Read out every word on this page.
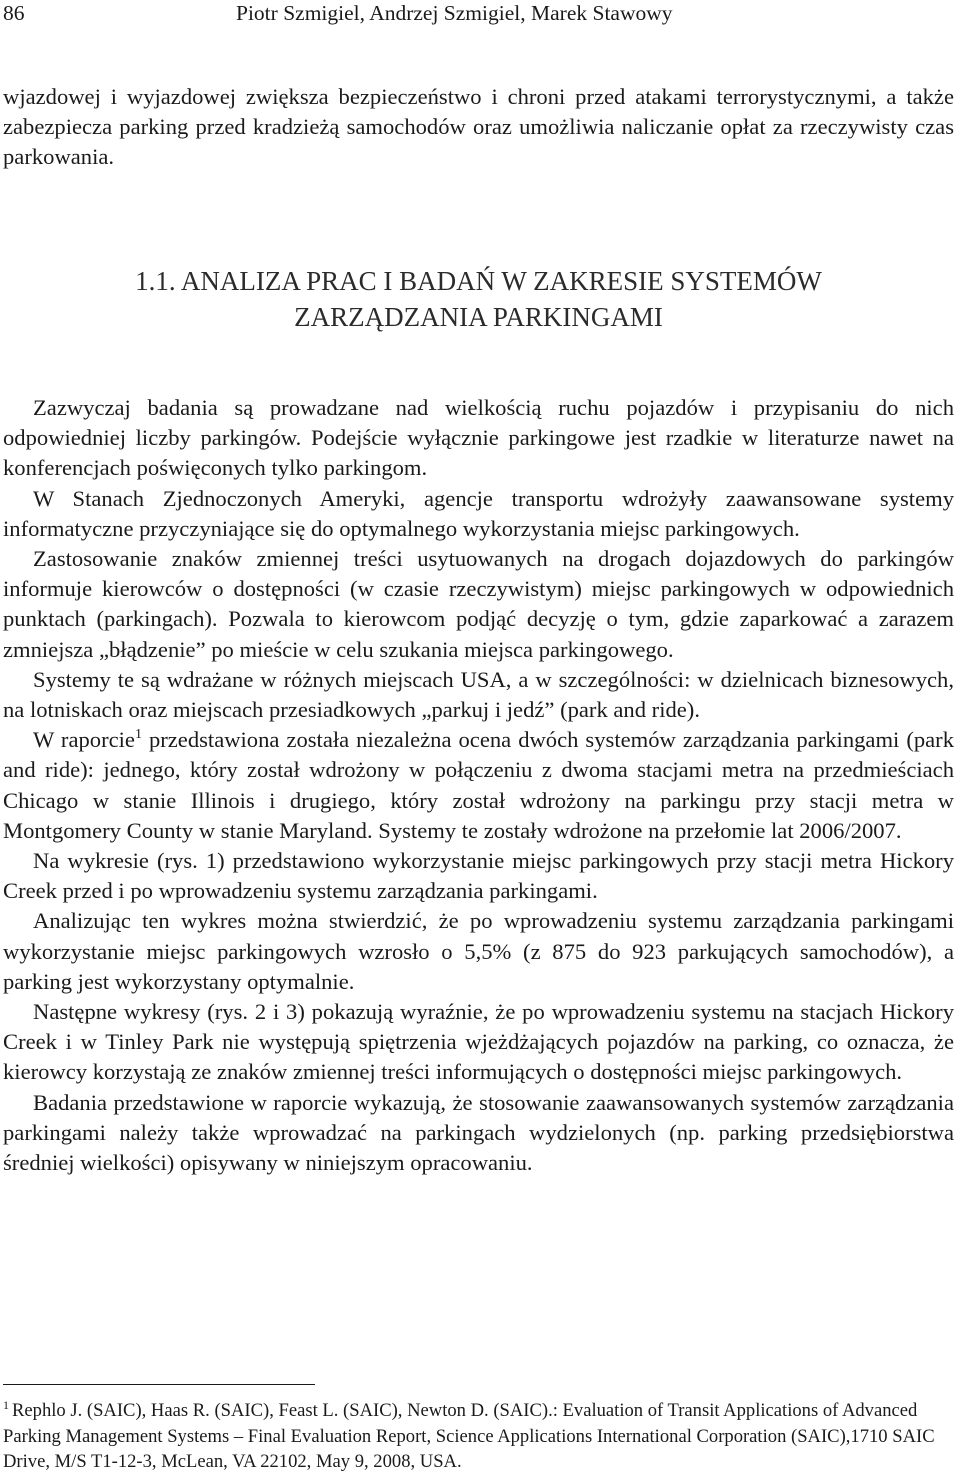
86	Piotr Szmigiel, Andrzej Szmigiel, Marek Stawowy

wjazdowej i wyjazdowej zwiększa bezpieczeństwo i chroni przed atakami terrorystycznymi, a także zabezpiecza parking przed kradzieżą samochodów oraz umożliwia naliczanie opłat za rzeczywisty czas parkowania.

1.1. ANALIZA PRAC I BADAŃ W ZAKRESIE SYSTEMÓW
ZARZĄDZANIA PARKINGAMI

Zazwyczaj badania są prowadzane nad wielkością ruchu pojazdów i przypisaniu do nich odpowiedniej liczby parkingów. Podejście wyłącznie parkingowe jest rzadkie w literaturze nawet na konferencjach poświęconych tylko parkingom.

W Stanach Zjednoczonych Ameryki, agencje transportu wdrożyły zaawansowane systemy informatyczne przyczyniające się do optymalnego wykorzystania miejsc parkingowych.

Zastosowanie znaków zmiennej treści usytuowanych na drogach dojazdowych do parkingów informuje kierowców o dostępności (w czasie rzeczywistym) miejsc parkingowych w odpowiednich punktach (parkingach). Pozwala to kierowcom podjąć decyzję o tym, gdzie zaparkować a zarazem zmniejsza „błądzenie” po mieście w celu szukania miejsca parkingowego.

Systemy te są wdrażane w różnych miejscach USA, a w szczególności: w dzielnicach biznesowych, na lotniskach oraz miejscach przesiadkowych „parkuj i jedź” (park and ride).

W raporcie$^1$ przedstawiona została niezależna ocena dwóch systemów zarządzania parkingami (park and ride): jednego, który został wdrożony w połączeniu z dwoma stacjami metra na przedmieściach Chicago w stanie Illinois i drugiego, który został wdrożony na parkingu przy stacji metra w Montgomery County w stanie Maryland. Systemy te zostały wdrożone na przełomie lat 2006/2007.

Na wykresie (rys. 1) przedstawiono wykorzystanie miejsc parkingowych przy stacji metra Hickory Creek przed i po wprowadzeniu systemu zarządzania parkingami.

Analizując ten wykres można stwierdzić, że po wprowadzeniu systemu zarządzania parkingami wykorzystanie miejsc parkingowych wzrosło o 5,5% (z 875 do 923 parkujących samochodów), a parking jest wykorzystany optymalnie.

Następne wykresy (rys. 2 i 3) pokazują wyraźnie, że po wprowadzeniu systemu na stacjach Hickory Creek i w Tinley Park nie występują spiętrzenia wjeżdżających pojazdów na parking, co oznacza, że kierowcy korzystają ze znaków zmiennej treści informujących o dostępności miejsc parkingowych.

Badania przedstawione w raporcie wykazują, że stosowanie zaawansowanych systemów zarządzania parkingami należy także wprowadzać na parkingach wydzielonych (np. parking przedsiębiorstwa średniej wielkości) opisywany w niniejszym opracowaniu.

$^1$ Rephlo J. (SAIC), Haas R. (SAIC), Feast L. (SAIC), Newton D. (SAIC).: Evaluation of Transit Applications of Advanced Parking Management Systems – Final Evaluation Report, Science Applications International Corporation (SAIC),1710 SAIC Drive, M/S T1-12-3, McLean, VA 22102, May 9, 2008, USA.
